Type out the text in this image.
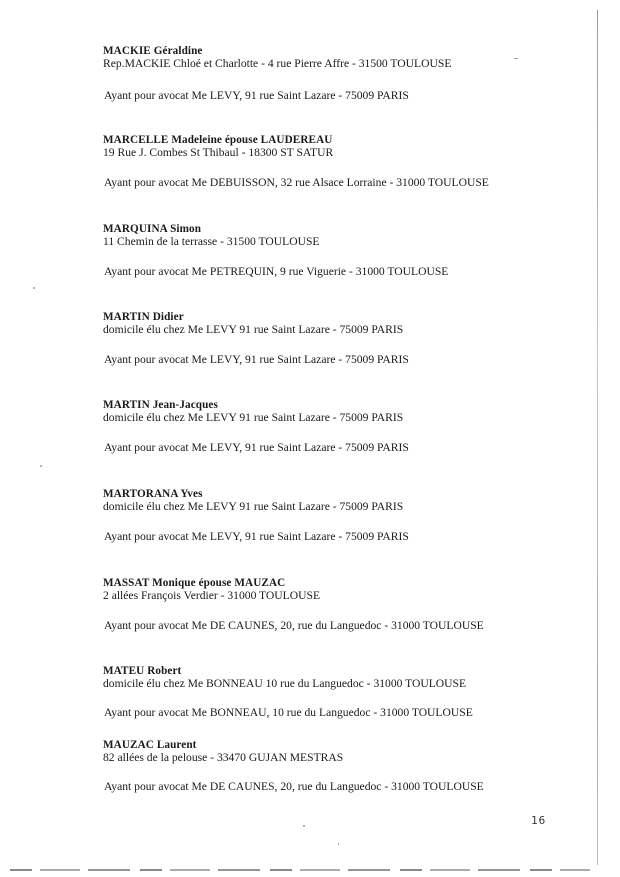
MACKIE Géraldine
Rep.MACKIE Chloé et Charlotte - 4 rue Pierre Affre - 31500 TOULOUSE
Ayant pour avocat Me LEVY, 91 rue Saint Lazare - 75009 PARIS
MARCELLE Madeleine épouse LAUDEREAU
19 Rue J. Combes St Thibaul - 18300 ST SATUR
Ayant pour avocat Me DEBUISSON, 32 rue Alsace Lorraine - 31000 TOULOUSE
MARQUINA Simon
11 Chemin de la terrasse - 31500 TOULOUSE
Ayant pour avocat Me PETREQUIN, 9 rue Viguerie - 31000 TOULOUSE
MARTIN Didier
domicile élu chez Me LEVY 91 rue Saint Lazare - 75009 PARIS
Ayant pour avocat Me LEVY, 91 rue Saint Lazare - 75009 PARIS
MARTIN Jean-Jacques
domicile élu chez Me LEVY 91 rue Saint Lazare - 75009 PARIS
Ayant pour avocat Me LEVY, 91 rue Saint Lazare - 75009 PARIS
MARTORANA Yves
domicile élu chez Me LEVY 91 rue Saint Lazare - 75009 PARIS
Ayant pour avocat Me LEVY, 91 rue Saint Lazare - 75009 PARIS
MASSAT Monique épouse MAUZAC
2 allées François Verdier - 31000 TOULOUSE
Ayant pour avocat Me DE CAUNES, 20, rue du Languedoc - 31000 TOULOUSE
MATEU Robert
domicile élu chez Me BONNEAU 10 rue du Languedoc - 31000 TOULOUSE
Ayant pour avocat Me BONNEAU, 10 rue du Languedoc - 31000 TOULOUSE
MAUZAC Laurent
82 allées de la pelouse - 33470 GUJAN MESTRAS
Ayant pour avocat Me DE CAUNES, 20, rue du Languedoc - 31000 TOULOUSE
16
